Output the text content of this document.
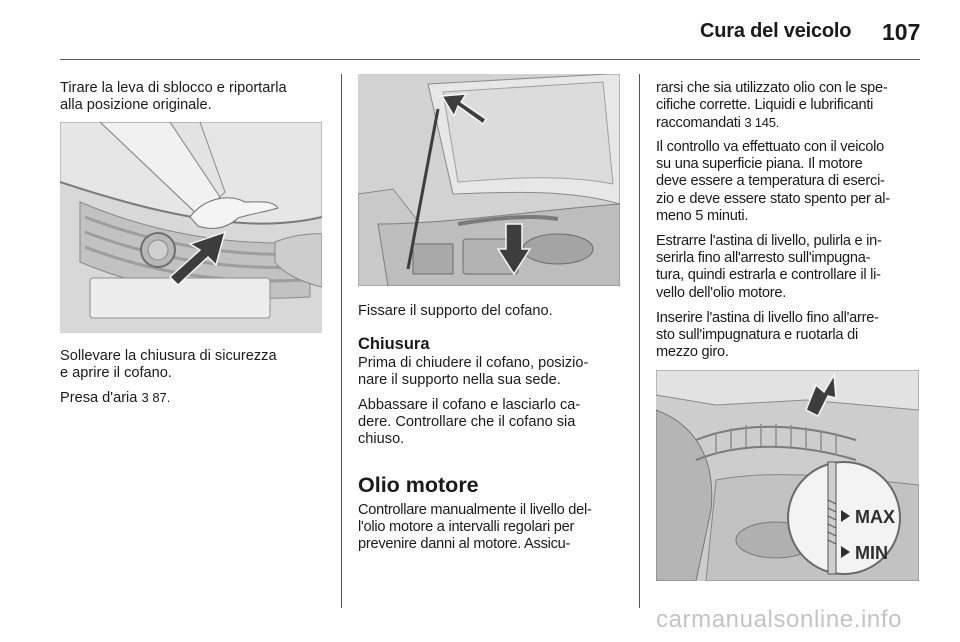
Cura del veicolo 107

Tirare la leva di sblocco e riportarla
alla posizione originale.

Sollevare la chiusura di sicurezza
e aprire il cofano.

Presa d'aria 3 87.

Fissare il supporto del cofano.

Chiusura

Prima di chiudere il cofano, posizio-
nare il supporto nella sua sede.

Abbassare il cofano e lasciarlo ca-
dere. Controllare che il cofano sia
chiuso.

Olio motore

Controllare manualmente il livello del-
l'olio motore a intervalli regolari per
prevenire danni al motore. Assicu-

rarsi che sia utilizzato olio con le spe-
cifiche corrette. Liquidi e lubrificanti
raccomandati 3 145.

Il controllo va effettuato con il veicolo
su una superficie piana. Il motore
deve essere a temperatura di eserci-
zio e deve essere stato spento per al-
meno 5 minuti.

Estrarre l'astina di livello, pulirla e in-
serirla fino all'arresto sull'impugna-
tura, quindi estrarla e controllare il li-
vello dell'olio motore.

Inserire l'astina di livello fino all'arre-
sto sull'impugnatura e ruotarla di
mezzo giro.

MAX
MIN
carmanualsonline.info
